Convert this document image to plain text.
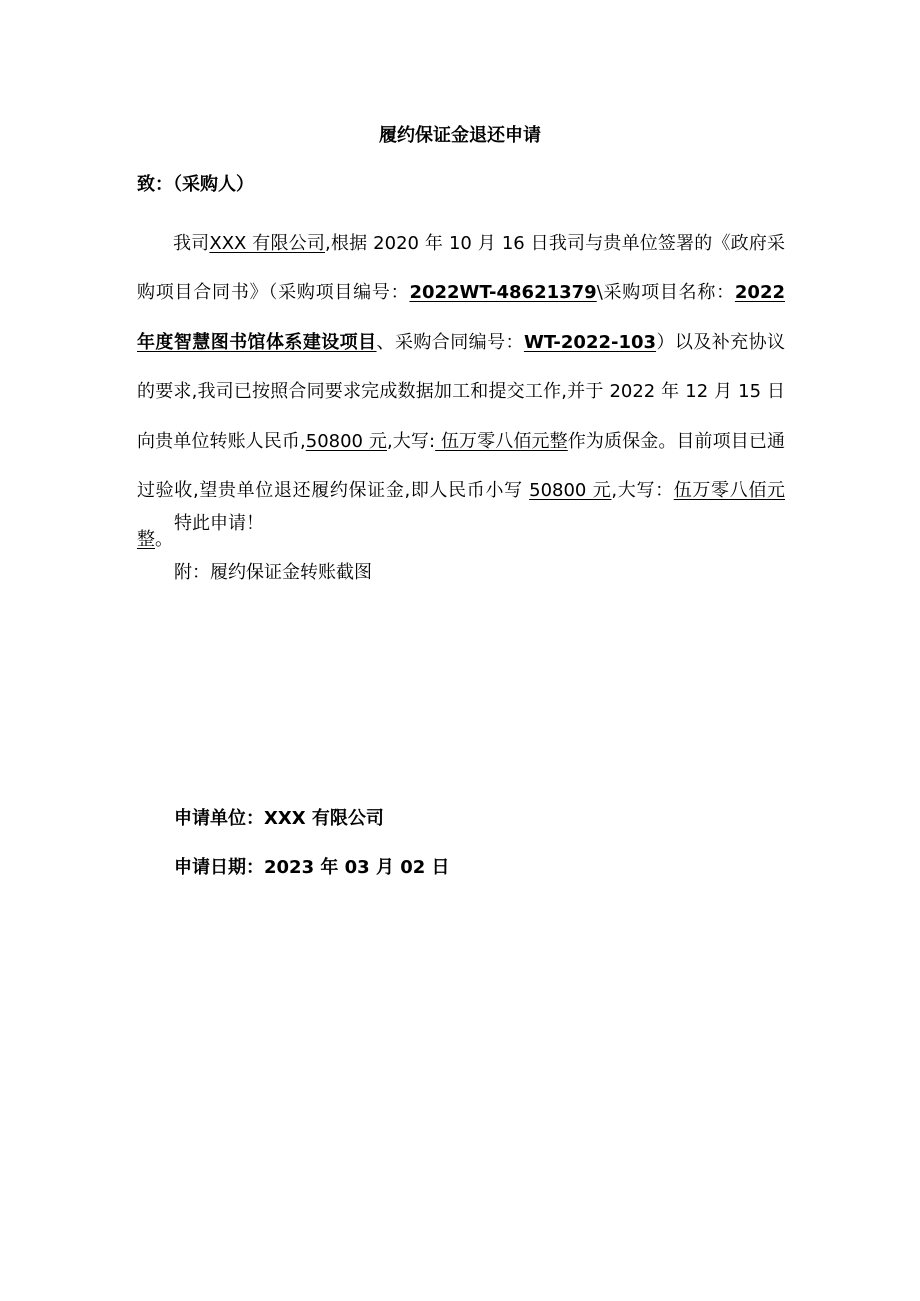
履约保证金退还申请
致：（采购人）
我司XXX 有限公司,根据 2020 年 10 月 16 日我司与贵单位签署的《政府采购项目合同书》（采购项目编号：2022WT-48621379\采购项目名称：2022 年度智慧图书馆体系建设项目、采购合同编号：WT-2022-103）以及补充协议的要求,我司已按照合同要求完成数据加工和提交工作,并于 2022 年 12 月 15 日向贵单位转账人民币,50800 元,大写: 伍万零八佰元整作为质保金。目前项目已通过验收,望贵单位退还履约保证金,即人民币小写 50800 元,大写：伍万零八佰元整。
特此申请！
附：履约保证金转账截图
申请单位：XXX 有限公司
申请日期：2023 年 03 月 02 日
